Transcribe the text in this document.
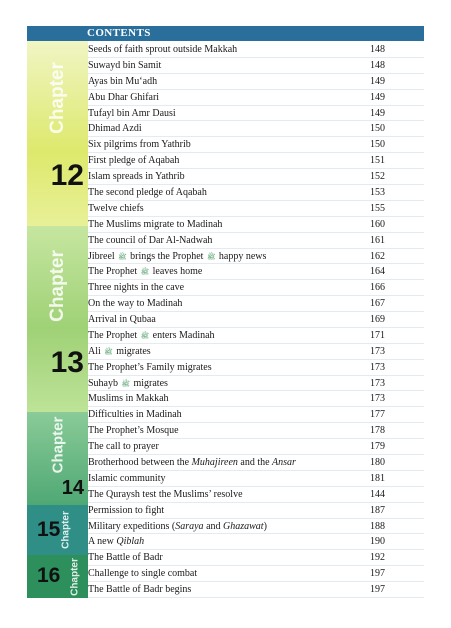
CONTENTS
Chapter
12
Chapter
13
Chapter
14
Chapter
15
Chapter
16
Seeds of faith sprout outside Makkah	148
Suwayd bin Samit	148
Ayas bin Mu‘adh	149
Abu Dhar Ghifari	149
Tufayl bin Amr Dausi	149
Dhimad Azdi	150
Six pilgrims from Yathrib	150
First pledge of Aqabah	151
Islam spreads in Yathrib	152
The second pledge of Aqabah	153
Twelve chiefs	155
The Muslims migrate to Madinah	160
The council of Dar Al-Nadwah	161
Jibreel ﷺ brings the Prophet ﷺ happy news	162
The Prophet ﷺ leaves home	164
Three nights in the cave	166
On the way to Madinah	167
Arrival in Qubaa	169
The Prophet ﷺ enters Madinah	171
Ali ﷺ migrates	173
The Prophet’s Family migrates	173
Suhayb ﷺ migrates	173
Muslims in Makkah	173
Difficulties in Madinah	177
The Prophet’s Mosque	178
The call to prayer	179
Brotherhood between the Muhajireen and the Ansar	180
Islamic community	181
The Quraysh test the Muslims’ resolve	144
Permission to fight	187
Military expeditions (Saraya and Ghazawat)	188
A new Qiblah	190
The Battle of Badr	192
Challenge to single combat	197
The Battle of Badr begins	197
